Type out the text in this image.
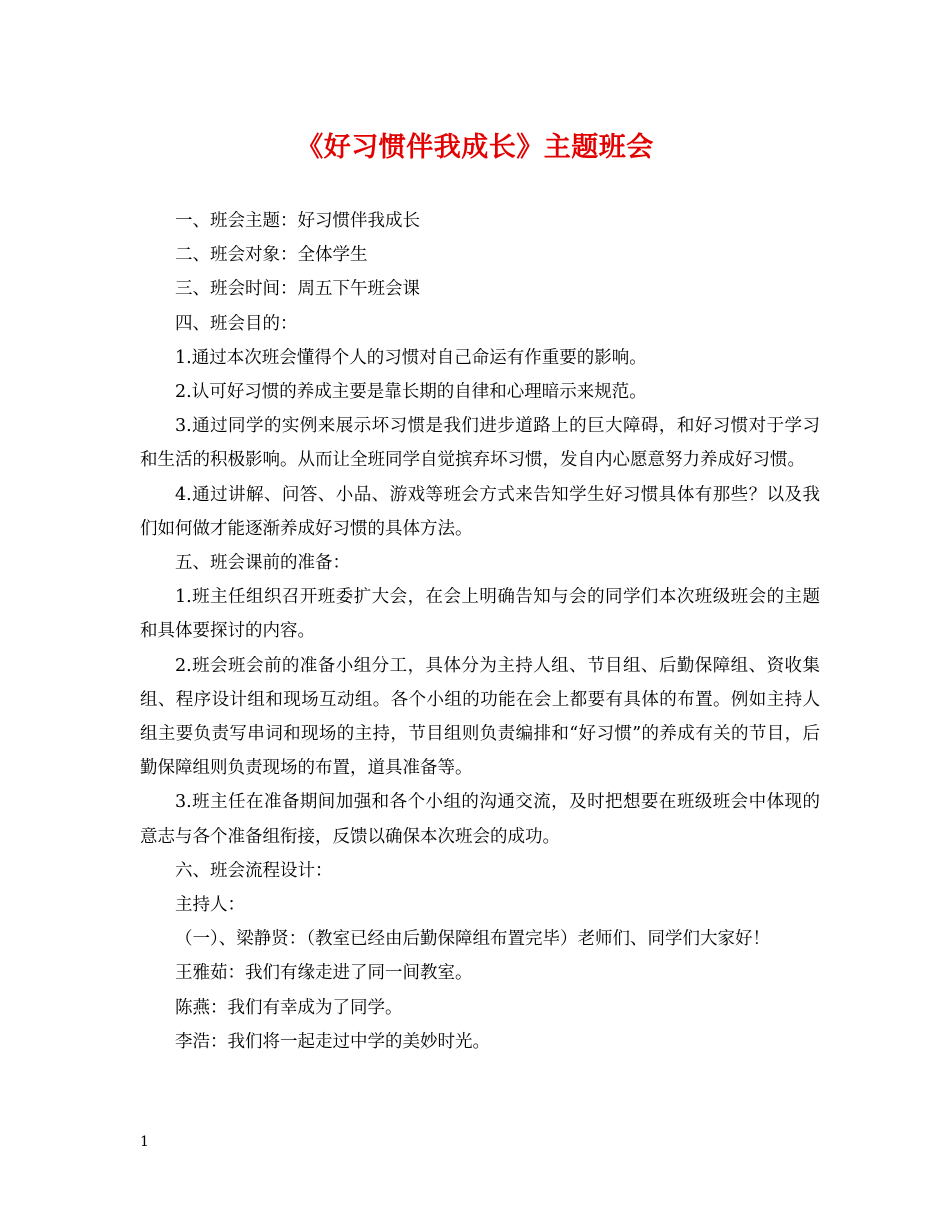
《好习惯伴我成长》主题班会

一、班会主题：好习惯伴我成长

二、班会对象：全体学生

三、班会时间：周五下午班会课

四、班会目的：

1.通过本次班会懂得个人的习惯对自己命运有作重要的影响。

2.认可好习惯的养成主要是靠长期的自律和心理暗示来规范。

3.通过同学的实例来展示坏习惯是我们进步道路上的巨大障碍，和好习惯对于学习和生活的积极影响。从而让全班同学自觉摈弃坏习惯，发自内心愿意努力养成好习惯。

4.通过讲解、问答、小品、游戏等班会方式来告知学生好习惯具体有那些？以及我们如何做才能逐渐养成好习惯的具体方法。

五、班会课前的准备：

1.班主任组织召开班委扩大会，在会上明确告知与会的同学们本次班级班会的主题和具体要探讨的内容。

2.班会班会前的准备小组分工，具体分为主持人组、节目组、后勤保障组、资收集组、程序设计组和现场互动组。各个小组的功能在会上都要有具体的布置。例如主持人组主要负责写串词和现场的主持，节目组则负责编排和“好习惯”的养成有关的节目，后勤保障组则负责现场的布置，道具准备等。

3.班主任在准备期间加强和各个小组的沟通交流，及时把想要在班级班会中体现的意志与各个准备组衔接，反馈以确保本次班会的成功。

六、班会流程设计：

主持人：

（一）、梁静贤：（教室已经由后勤保障组布置完毕）老师们、同学们大家好！

王雅茹：我们有缘走进了同一间教室。

陈燕：我们有幸成为了同学。

李浩：我们将一起走过中学的美妙时光。

1
